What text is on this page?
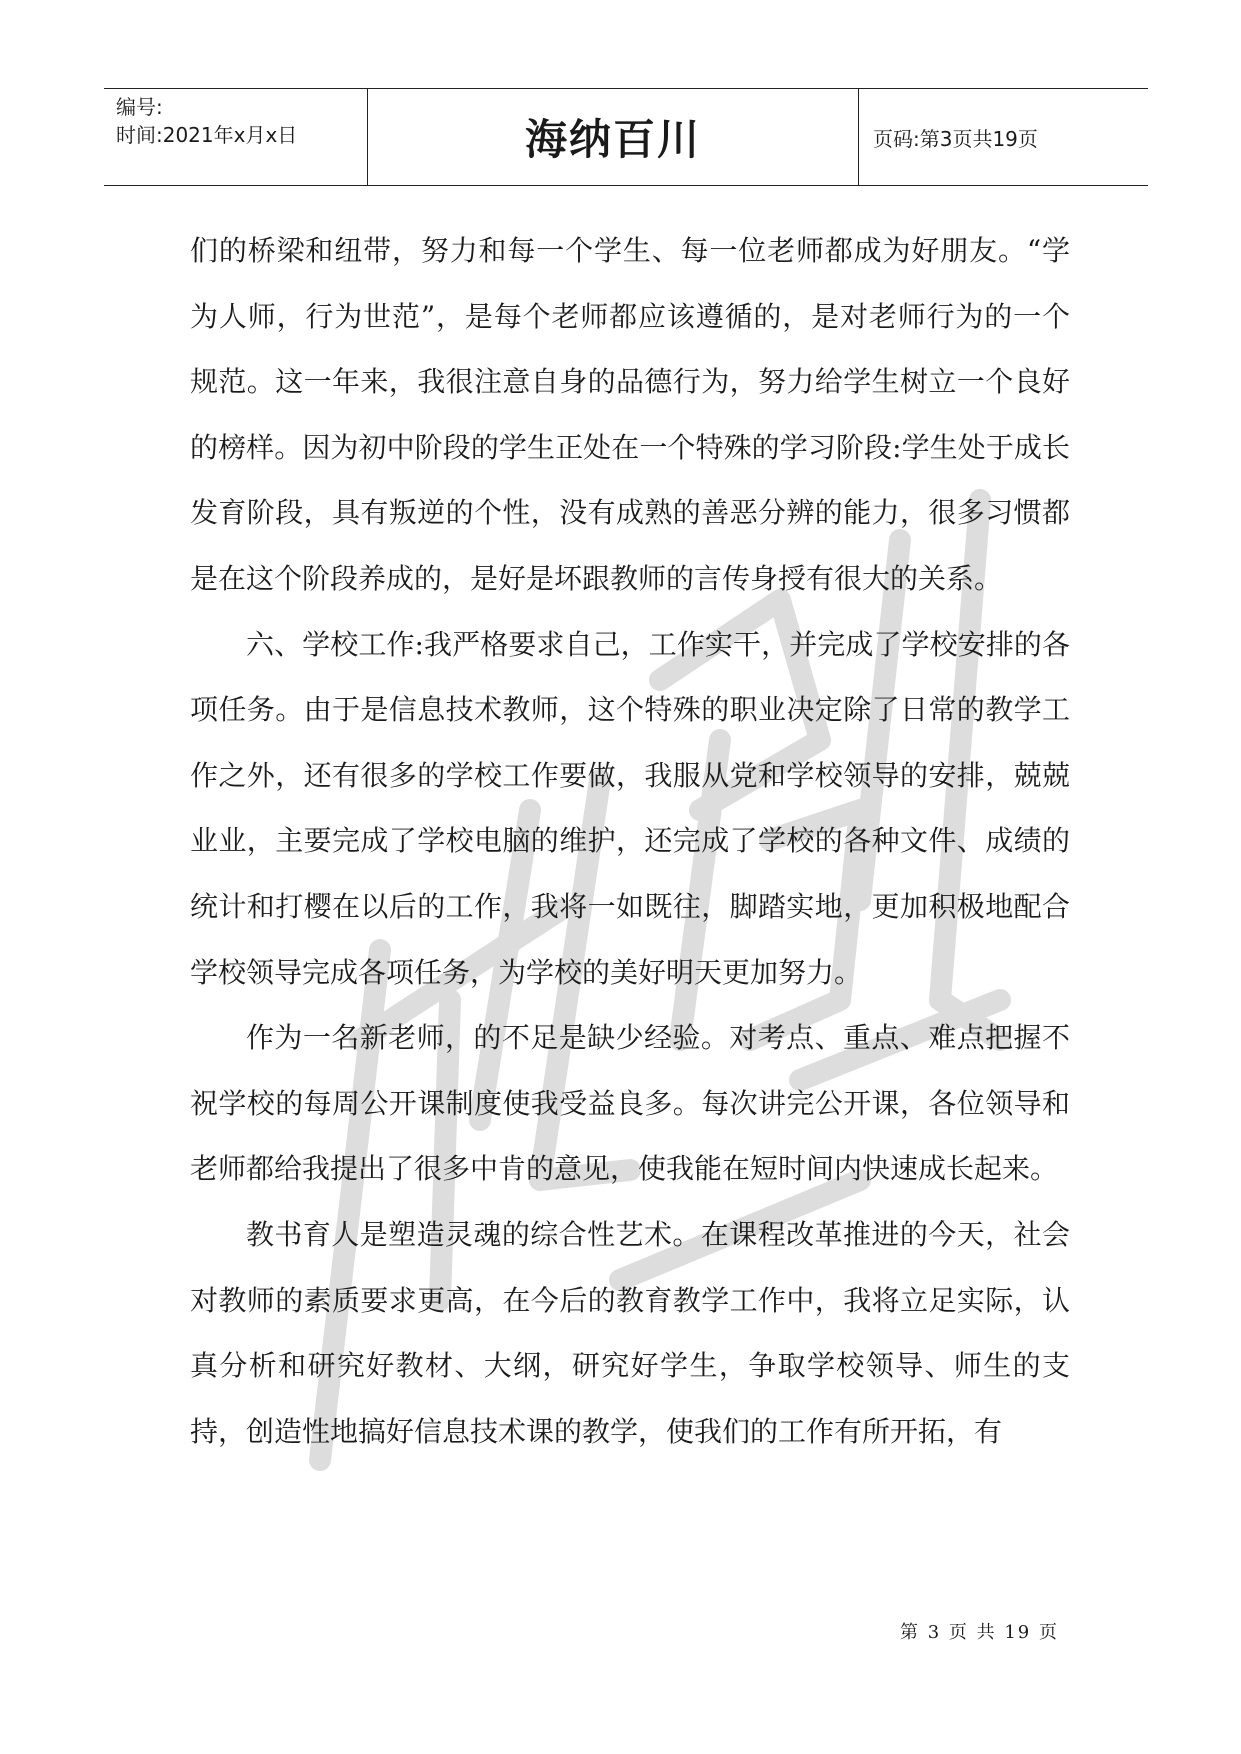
编号:
时间:2021年x月x日	海纳百川	页码:第3页共19页

们的桥梁和纽带，努力和每一个学生、每一位老师都成为好朋友。“学为人师，行为世范”，是每个老师都应该遵循的，是对老师行为的一个规范。这一年来，我很注意自身的品德行为，努力给学生树立一个良好的榜样。因为初中阶段的学生正处在一个特殊的学习阶段:学生处于成长发育阶段，具有叛逆的个性，没有成熟的善恶分辨的能力，很多习惯都是在这个阶段养成的，是好是坏跟教师的言传身授有很大的关系。

六、学校工作:我严格要求自己，工作实干，并完成了学校安排的各项任务。由于是信息技术教师，这个特殊的职业决定除了日常的教学工作之外，还有很多的学校工作要做，我服从党和学校领导的安排，兢兢业业，主要完成了学校电脑的维护，还完成了学校的各种文件、成绩的统计和打樱在以后的工作，我将一如既往，脚踏实地，更加积极地配合学校领导完成各项任务，为学校的美好明天更加努力。

作为一名新老师，的不足是缺少经验。对考点、重点、难点把握不祝学校的每周公开课制度使我受益良多。每次讲完公开课，各位领导和老师都给我提出了很多中肯的意见，使我能在短时间内快速成长起来。

教书育人是塑造灵魂的综合性艺术。在课程改革推进的今天，社会对教师的素质要求更高，在今后的教育教学工作中，我将立足实际，认真分析和研究好教材、大纲，研究好学生，争取学校领导、师生的支持，创造性地搞好信息技术课的教学，使我们的工作有所开拓，有

第 3 页 共 19 页
